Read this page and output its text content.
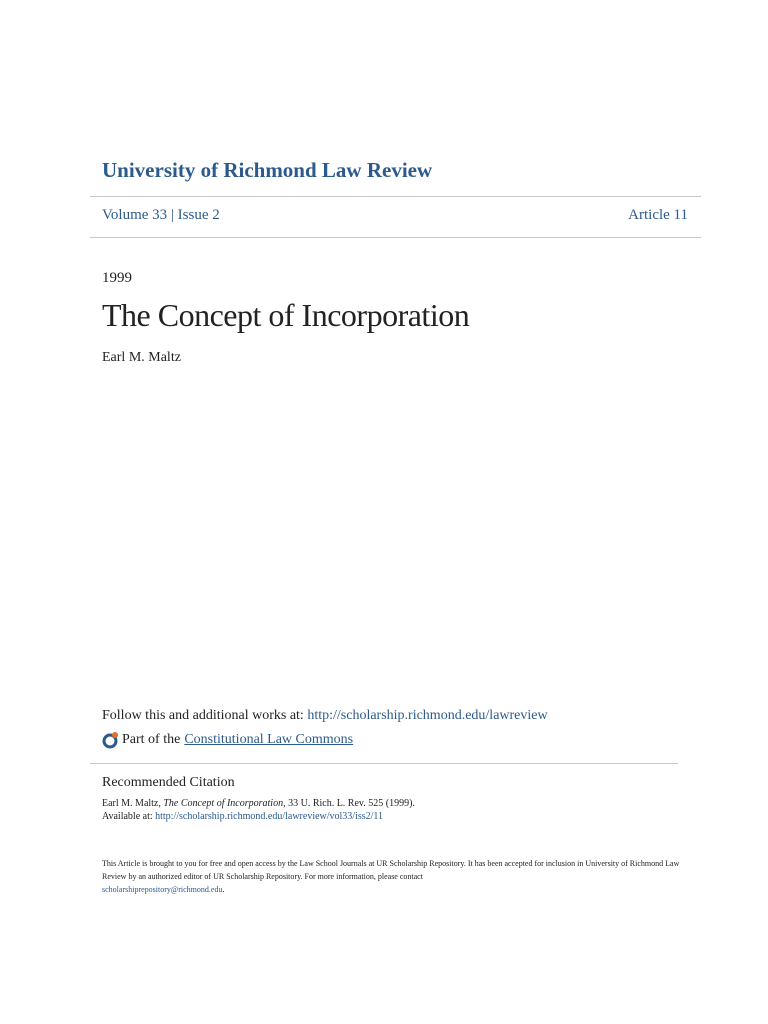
University of Richmond Law Review
Volume 33 | Issue 2	Article 11
1999
The Concept of Incorporation
Earl M. Maltz
Follow this and additional works at: http://scholarship.richmond.edu/lawreview
Part of the Constitutional Law Commons
Recommended Citation
Earl M. Maltz, The Concept of Incorporation, 33 U. Rich. L. Rev. 525 (1999).
Available at: http://scholarship.richmond.edu/lawreview/vol33/iss2/11
This Article is brought to you for free and open access by the Law School Journals at UR Scholarship Repository. It has been accepted for inclusion in University of Richmond Law Review by an authorized editor of UR Scholarship Repository. For more information, please contact
scholarshiprepository@richmond.edu.
